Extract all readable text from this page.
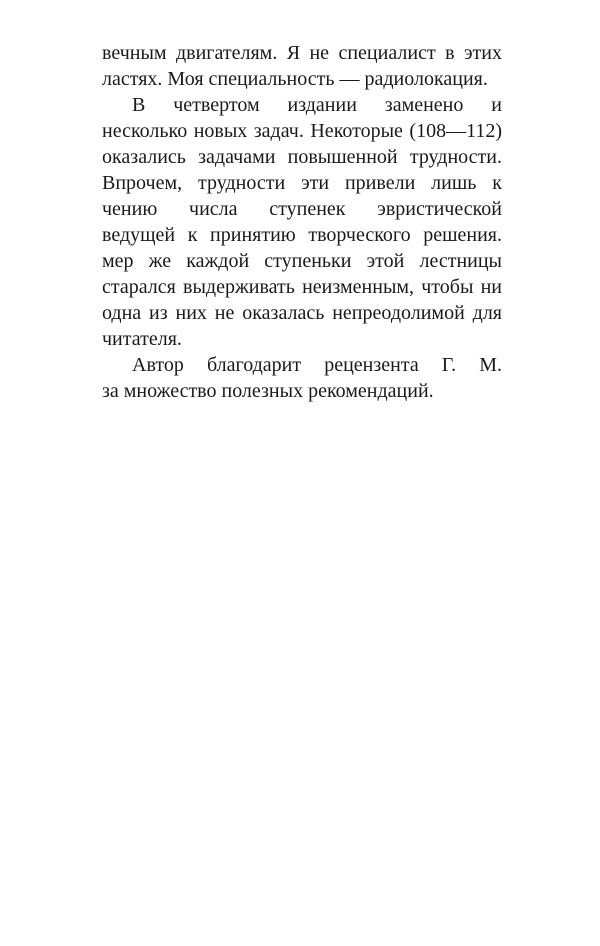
вечным двигателям. Я не специалист в этих
ластях. Моя специальность — радиолокация.
В четвертом издании заменено и
несколько новых задач. Некоторые (108—112)
оказались задачами повышенной трудности.
Впрочем, трудности эти привели лишь к
чению числа ступенек эвристической
ведущей к принятию творческого решения.
мер же каждой ступеньки этой лестницы
старался выдерживать неизменным, чтобы ни
одна из них не оказалась непреодолимой для
читателя.
Автор благодарит рецензента Г. М.
за множество полезных рекомендаций.
